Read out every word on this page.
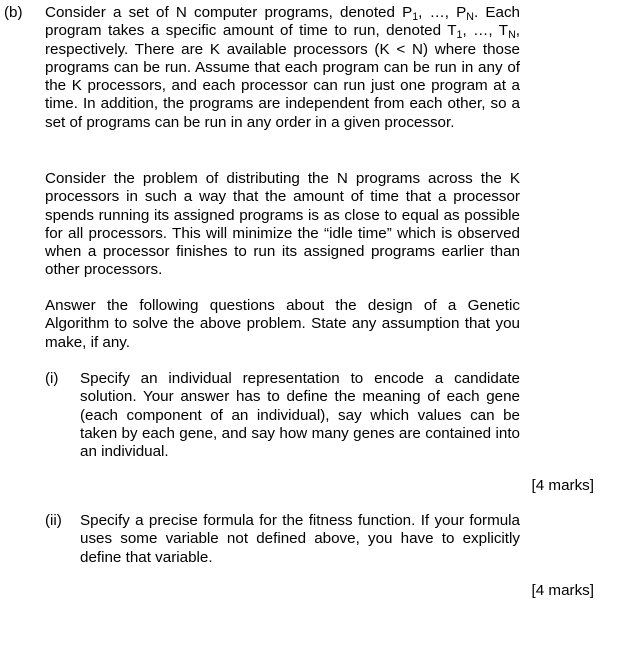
(b) Consider a set of N computer programs, denoted $P_1$, …, $P_N$. Each program takes a specific amount of time to run, denoted $T_1$, …, $T_N$, respectively. There are K available processors (K < N) where those programs can be run. Assume that each program can be run in any of the K processors, and each processor can run just one program at a time. In addition, the programs are independent from each other, so a set of programs can be run in any order in a given processor.

Consider the problem of distributing the N programs across the K processors in such a way that the amount of time that a processor spends running its assigned programs is as close to equal as possible for all processors. This will minimize the “idle time” which is observed when a processor finishes to run its assigned programs earlier than other processors.

Answer the following questions about the design of a Genetic Algorithm to solve the above problem. State any assumption that you make, if any.

(i) Specify an individual representation to encode a candidate solution. Your answer has to define the meaning of each gene (each component of an individual), say which values can be taken by each gene, and say how many genes are contained into an individual.

[4 marks]
(ii) Specify a precise formula for the fitness function. If your formula uses some variable not defined above, you have to explicitly define that variable.

[4 marks]
